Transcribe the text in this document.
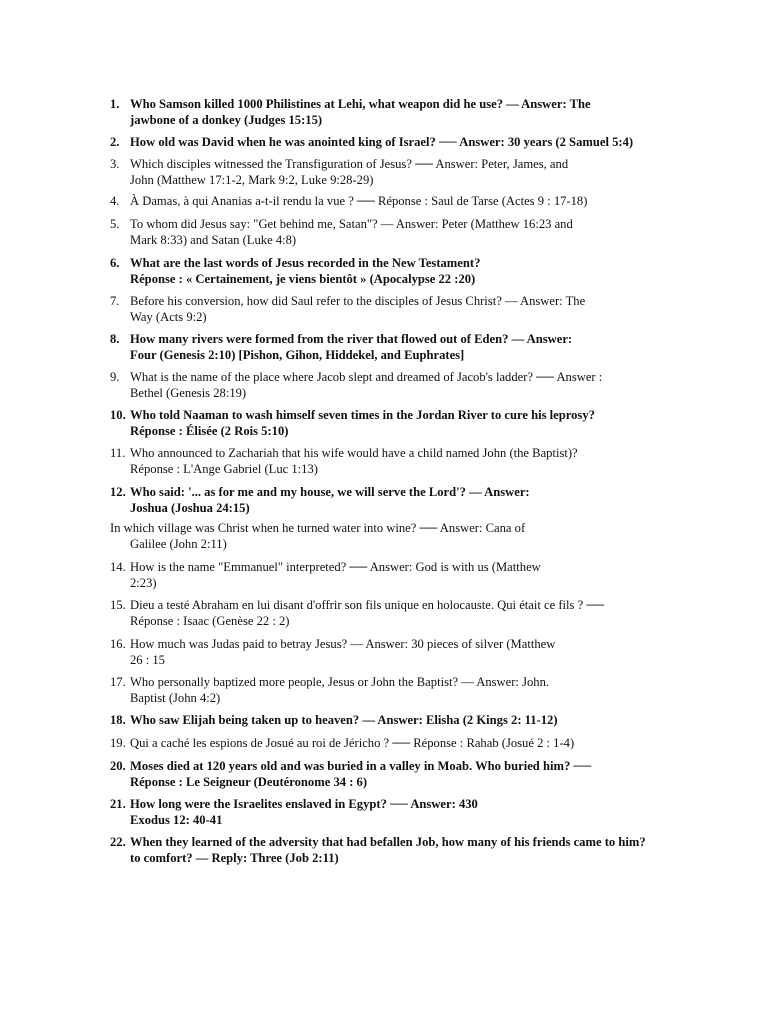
1. Who Samson killed 1000 Philistines at Lehi, what weapon did he use? — Answer: The
jawbone of a donkey (Judges 15:15)
2. How old was David when he was anointed king of Israel? ── Answer: 30 years (2 Samuel 5:4)
3. Which disciples witnessed the Transfiguration of Jesus? ── Answer: Peter, James, and
John (Matthew 17:1-2, Mark 9:2, Luke 9:28-29)
4. À Damas, à qui Ananias a-t-il rendu la vue ? ── Réponse : Saul de Tarse (Actes 9 : 17-18)
5. To whom did Jesus say: "Get behind me, Satan"? — Answer: Peter (Matthew 16:23 and
Mark 8:33) and Satan (Luke 4:8)
6. What are the last words of Jesus recorded in the New Testament?
Réponse : « Certainement, je viens bientôt » (Apocalypse 22 :20)
7. Before his conversion, how did Saul refer to the disciples of Jesus Christ? — Answer: The
Way (Acts 9:2)
8. How many rivers were formed from the river that flowed out of Eden? — Answer:
Four (Genesis 2:10) [Pishon, Gihon, Hiddekel, and Euphrates]
9. What is the name of the place where Jacob slept and dreamed of Jacob's ladder? ── Answer :
Bethel (Genesis 28:19)
10. Who told Naaman to wash himself seven times in the Jordan River to cure his leprosy?
Réponse : Élisée (2 Rois 5:10)
11. Who announced to Zachariah that his wife would have a child named John (the Baptist)?
Réponse : L'Ange Gabriel (Luc 1:13)
12. Who said: '... as for me and my house, we will serve the Lord'? — Answer:
Joshua (Joshua 24:15)
In which village was Christ when he turned water into wine? ── Answer: Cana of
Galilee (John 2:11)
14. How is the name "Emmanuel" interpreted? ── Answer: God is with us (Matthew
2:23)
15. Dieu a testé Abraham en lui disant d'offrir son fils unique en holocauste. Qui était ce fils ? ──
Réponse : Isaac (Genèse 22 : 2)
16. How much was Judas paid to betray Jesus? — Answer: 30 pieces of silver (Matthew
26 : 15
17. Who personally baptized more people, Jesus or John the Baptist? — Answer: John.
Baptist (John 4:2)
18. Who saw Elijah being taken up to heaven? — Answer: Elisha (2 Kings 2: 11-12)
19. Qui a caché les espions de Josué au roi de Jéricho ? ── Réponse : Rahab (Josué 2 : 1-4)
20. Moses died at 120 years old and was buried in a valley in Moab. Who buried him? ──
Réponse : Le Seigneur (Deutéronome 34 : 6)
21. How long were the Israelites enslaved in Egypt? ── Answer: 430
Exodus 12: 40-41
22. When they learned of the adversity that had befallen Job, how many of his friends came to him?
to comfort? — Reply: Three (Job 2:11)
